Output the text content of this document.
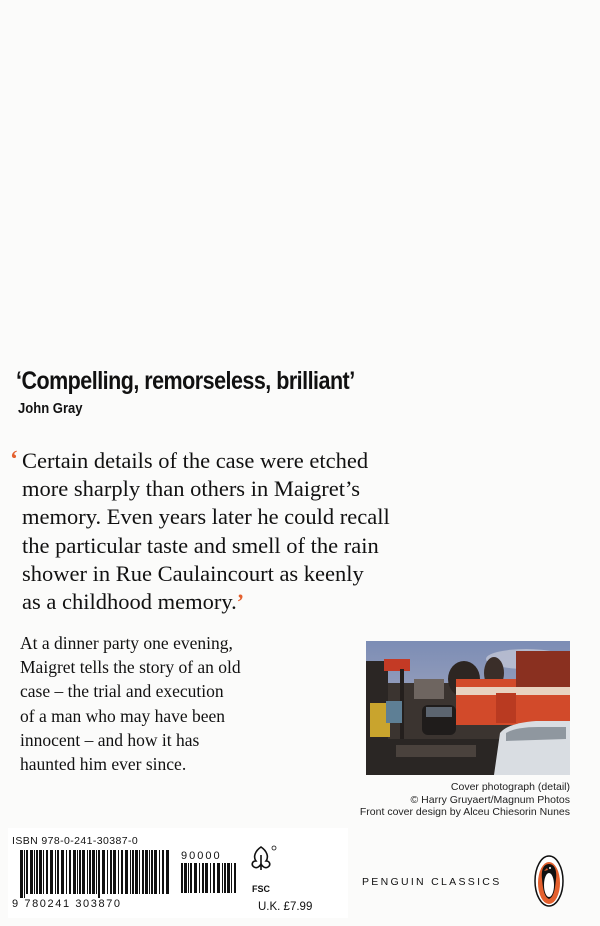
‘Compelling, remorseless, brilliant’
John Gray
‘ Certain details of the case were etched
more sharply than others in Maigret’s
memory. Even years later he could recall
the particular taste and smell of the rain
shower in Rue Caulaincourt as keenly
as a childhood memory.’
At a dinner party one evening,
Maigret tells the story of an old
case – the trial and execution
of a man who may have been
innocent – and how it has
haunted him ever since.
Cover photograph (detail)
© Harry Gruyaert/Magnum Photos
Front cover design by Alceu Chiesorin Nunes
ISBN 978-0-241-30387-0
9 780241 303870
90000
FSC
U.K. £7.99
PENGUIN CLASSICS
